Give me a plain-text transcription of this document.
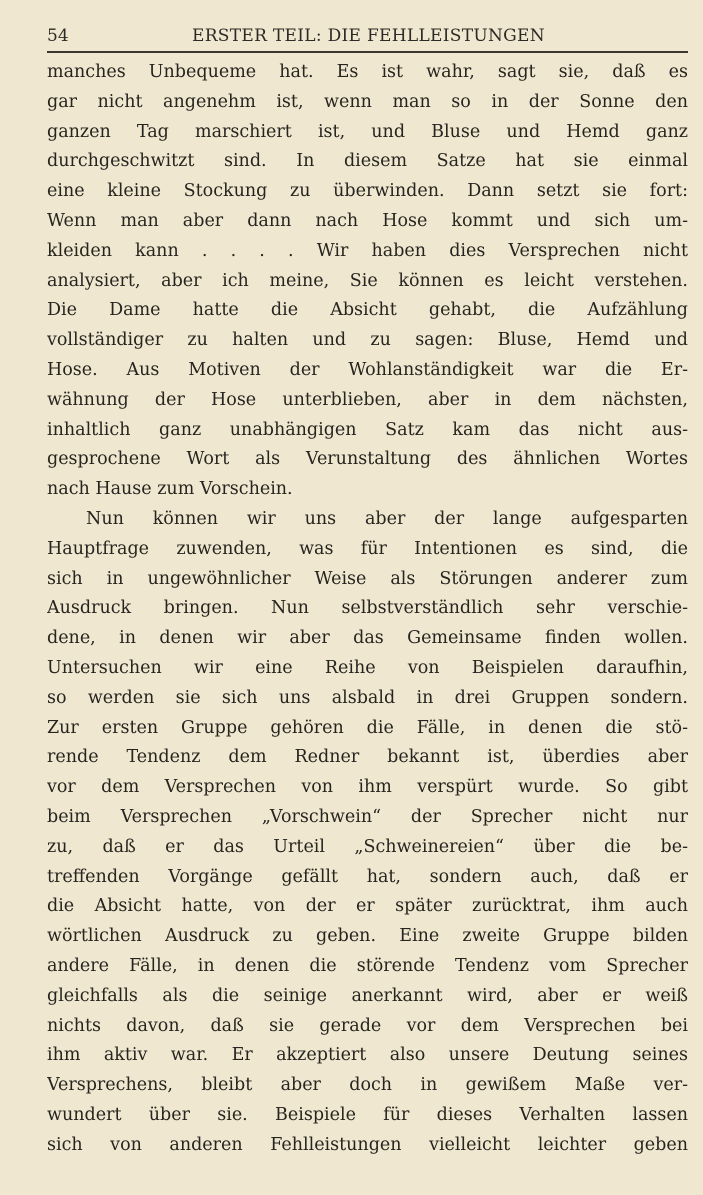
54	ERSTER TEIL: DIE FEHLLEISTUNGEN
manches Unbequeme hat. Es ist wahr, sagt sie, daß es
gar nicht angenehm ist, wenn man so in der Sonne den
ganzen Tag marschiert ist, und Bluse und Hemd ganz
durchgeschwitzt sind. In diesem Satze hat sie einmal
eine kleine Stockung zu überwinden. Dann setzt sie fort:
Wenn man aber dann nach Hose kommt und sich um-
kleiden kann . . . . Wir haben dies Versprechen nicht
analysiert, aber ich meine, Sie können es leicht verstehen.
Die Dame hatte die Absicht gehabt, die Aufzählung
vollständiger zu halten und zu sagen: Bluse, Hemd und
Hose. Aus Motiven der Wohlanständigkeit war die Er-
wähnung der Hose unterblieben, aber in dem nächsten,
inhaltlich ganz unabhängigen Satz kam das nicht aus-
gesprochene Wort als Verunstaltung des ähnlichen Wortes
nach Hause zum Vorschein.
Nun können wir uns aber der lange aufgesparten
Hauptfrage zuwenden, was für Intentionen es sind, die
sich in ungewöhnlicher Weise als Störungen anderer zum
Ausdruck bringen. Nun selbstverständlich sehr verschie-
dene, in denen wir aber das Gemeinsame finden wollen.
Untersuchen wir eine Reihe von Beispielen daraufhin,
so werden sie sich uns alsbald in drei Gruppen sondern.
Zur ersten Gruppe gehören die Fälle, in denen die stö-
rende Tendenz dem Redner bekannt ist, überdies aber
vor dem Versprechen von ihm verspürt wurde. So gibt
beim Versprechen „Vorschwein“ der Sprecher nicht nur
zu, daß er das Urteil „Schweinereien“ über die be-
treffenden Vorgänge gefällt hat, sondern auch, daß er
die Absicht hatte, von der er später zurücktrat, ihm auch
wörtlichen Ausdruck zu geben. Eine zweite Gruppe bilden
andere Fälle, in denen die störende Tendenz vom Sprecher
gleichfalls als die seinige anerkannt wird, aber er weiß
nichts davon, daß sie gerade vor dem Versprechen bei
ihm aktiv war. Er akzeptiert also unsere Deutung seines
Versprechens, bleibt aber doch in gewißem Maße ver-
wundert über sie. Beispiele für dieses Verhalten lassen
sich von anderen Fehlleistungen vielleicht leichter geben
